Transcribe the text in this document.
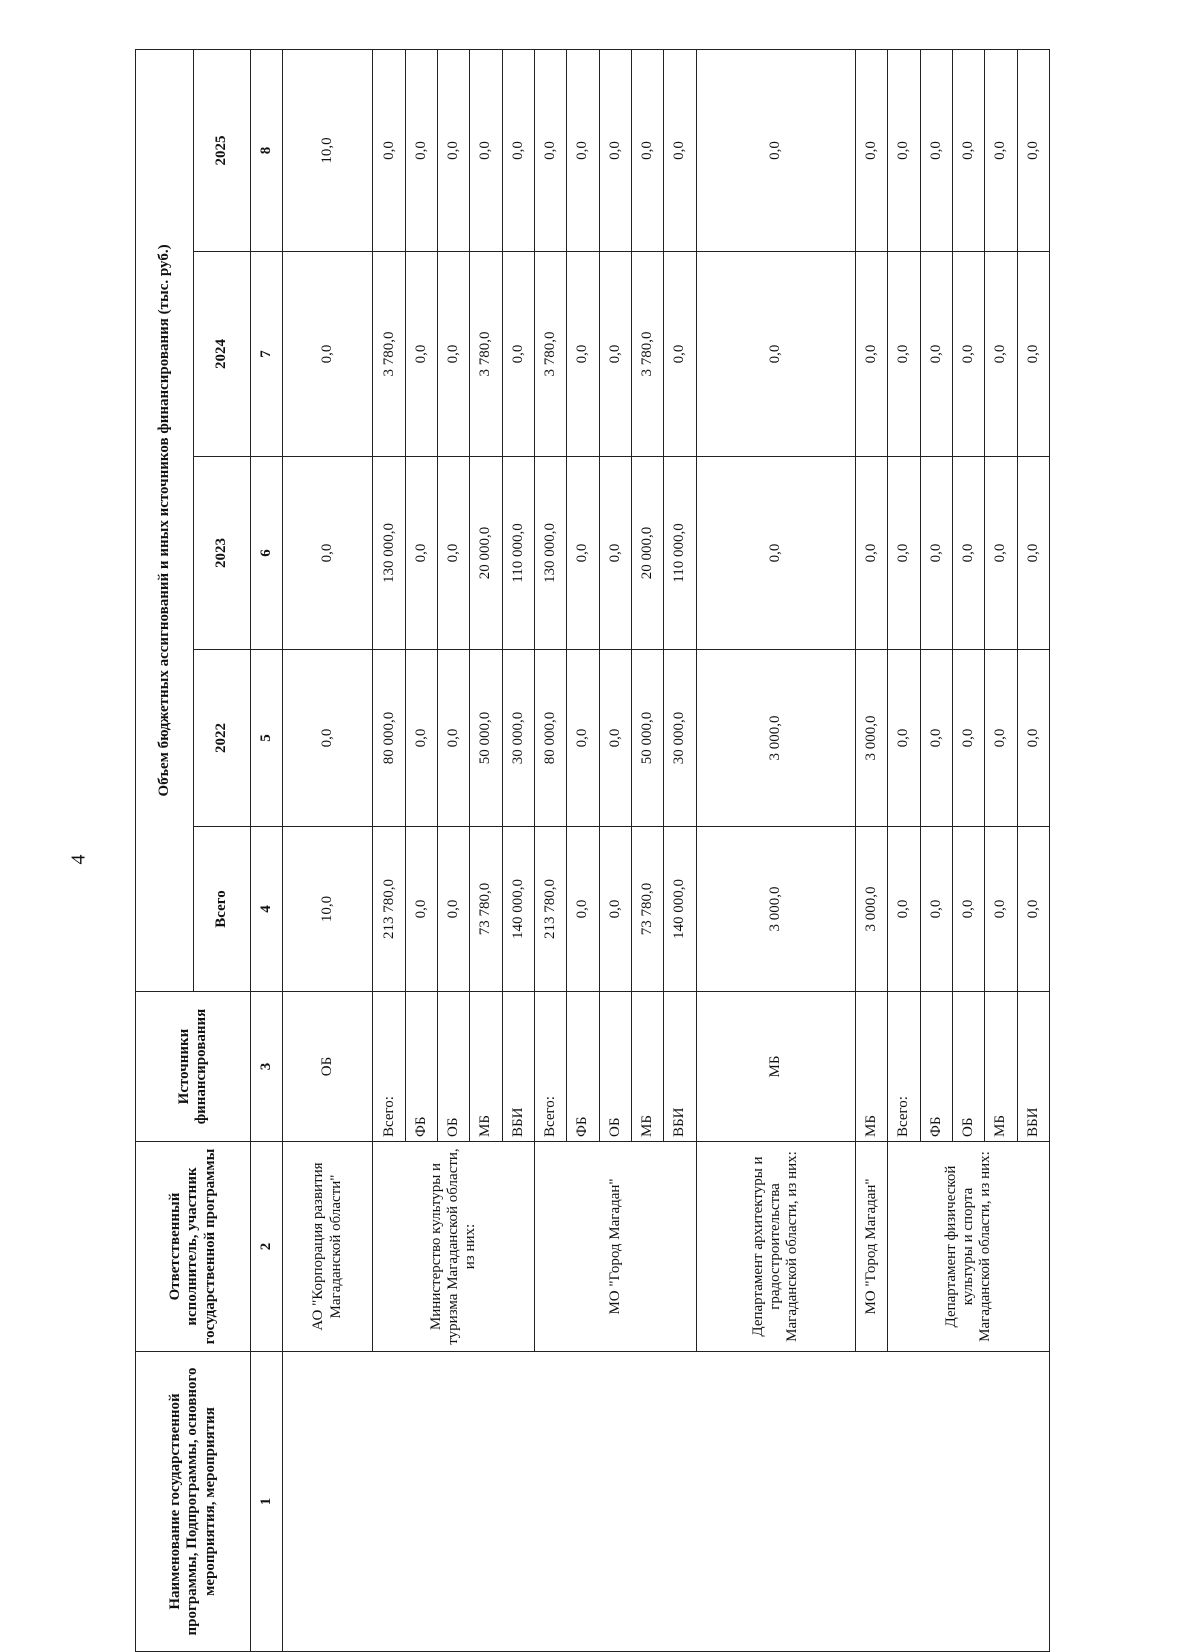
4
Наименование государственной программы, Подпрограммы, основного мероприятия, мероприятия	Ответственный исполнитель, участник государственной программы	Источники финансирования	Объем бюджетных ассигнований и иных источников финансирования (тыс. руб.)				
			Всего	2022	2023	2024	2025
1	2	3	4	5	6	7	8
	АО "Корпорация развития Магаданской области"	ОБ	10,0	0,0	0,0	0,0	10,0
	Министерство культуры и туризма Магаданской области, из них:	Всего:	213 780,0	80 000,0	130 000,0	3 780,0	0,0
		ФБ	0,0	0,0	0,0	0,0	0,0
		ОБ	0,0	0,0	0,0	0,0	0,0
		МБ	73 780,0	50 000,0	20 000,0	3 780,0	0,0
		ВБИ	140 000,0	30 000,0	110 000,0	0,0	0,0
	МО "Город Магадан"	Всего:	213 780,0	80 000,0	130 000,0	3 780,0	0,0
		ФБ	0,0	0,0	0,0	0,0	0,0
		ОБ	0,0	0,0	0,0	0,0	0,0
		МБ	73 780,0	50 000,0	20 000,0	3 780,0	0,0
		ВБИ	140 000,0	30 000,0	110 000,0	0,0	0,0
	Департамент архитектуры и градостроительства Магаданской области, из них:	МБ	3 000,0	3 000,0	0,0	0,0	0,0
	МО "Город Магадан"	МБ	3 000,0	3 000,0	0,0	0,0	0,0
	Департамент физической культуры и спорта Магаданской области, из них:	Всего:	0,0	0,0	0,0	0,0	0,0
		ФБ	0,0	0,0	0,0	0,0	0,0
		ОБ	0,0	0,0	0,0	0,0	0,0
		МБ	0,0	0,0	0,0	0,0	0,0
		ВБИ	0,0	0,0	0,0	0,0	0,0
